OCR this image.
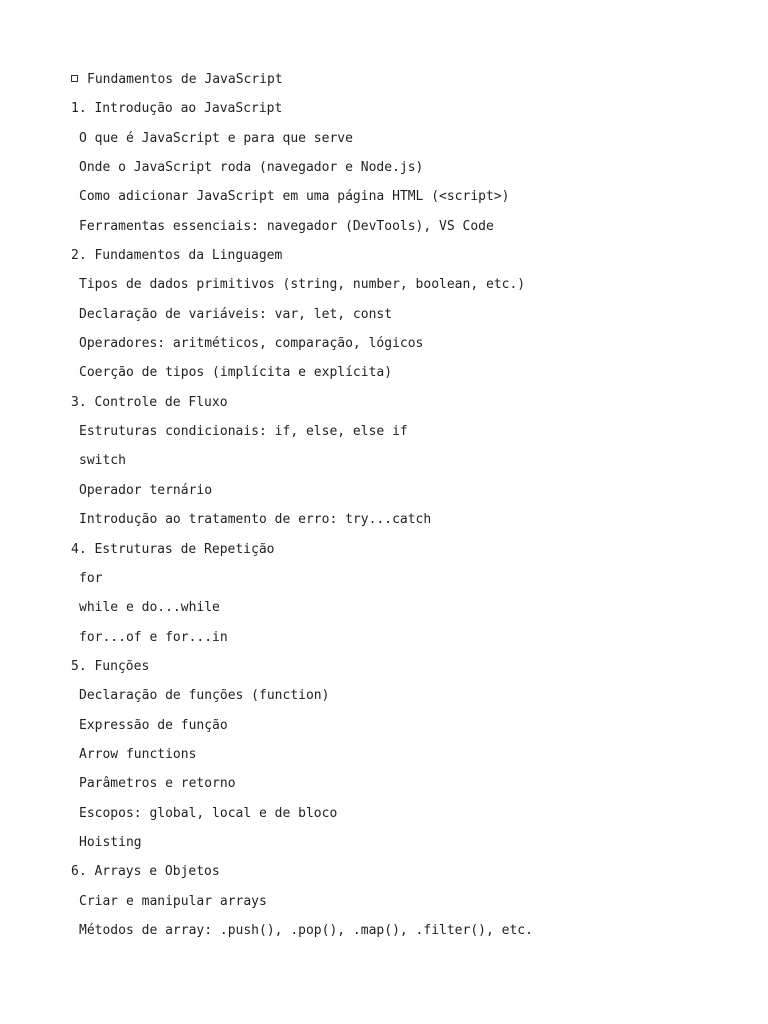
Fundamentos de JavaScript
1. Introdução ao JavaScript
O que é JavaScript e para que serve
Onde o JavaScript roda (navegador e Node.js)
Como adicionar JavaScript em uma página HTML (<script>)
Ferramentas essenciais: navegador (DevTools), VS Code
2. Fundamentos da Linguagem
Tipos de dados primitivos (string, number, boolean, etc.)
Declaração de variáveis: var, let, const
Operadores: aritméticos, comparação, lógicos
Coerção de tipos (implícita e explícita)
3. Controle de Fluxo
Estruturas condicionais: if, else, else if
switch
Operador ternário
Introdução ao tratamento de erro: try...catch
4. Estruturas de Repetição
for
while e do...while
for...of e for...in
5. Funções
Declaração de funções (function)
Expressão de função
Arrow functions
Parâmetros e retorno
Escopos: global, local e de bloco
Hoisting
6. Arrays e Objetos
Criar e manipular arrays
Métodos de array: .push(), .pop(), .map(), .filter(), etc.
